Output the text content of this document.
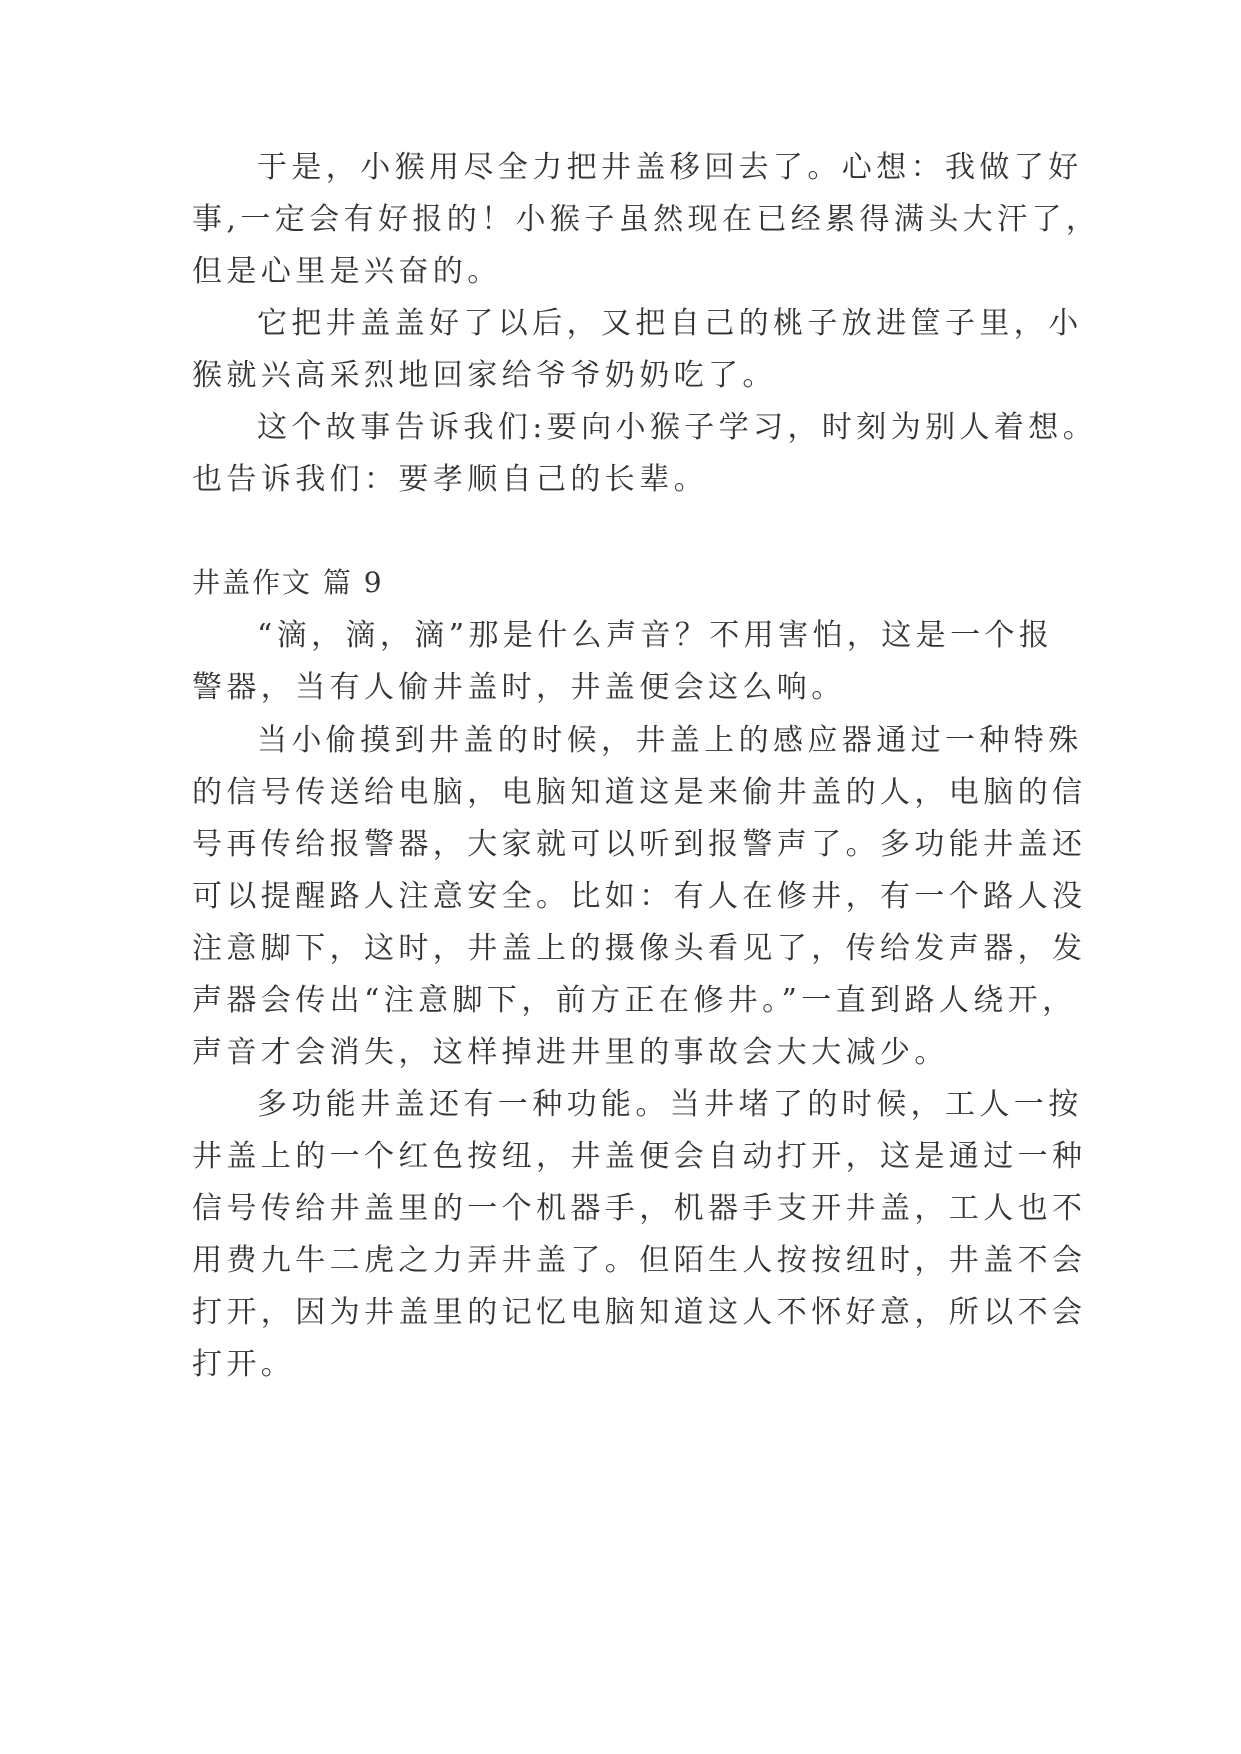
于是，小猴用尽全力把井盖移回去了。心想：我做了好

事,一定会有好报的！小猴子虽然现在已经累得满头大汗了，

但是心里是兴奋的。

它把井盖盖好了以后，又把自己的桃子放进筐子里，小

猴就兴高采烈地回家给爷爷奶奶吃了。

这个故事告诉我们:要向小猴子学习，时刻为别人着想。

也告诉我们：要孝顺自己的长辈。

井盖作文 篇 9

“滴，滴，滴”那是什么声音？不用害怕，这是一个报

警器，当有人偷井盖时，井盖便会这么响。

当小偷摸到井盖的时候，井盖上的感应器通过一种特殊

的信号传送给电脑，电脑知道这是来偷井盖的人，电脑的信

号再传给报警器，大家就可以听到报警声了。多功能井盖还

可以提醒路人注意安全。比如：有人在修井，有一个路人没

注意脚下，这时，井盖上的摄像头看见了，传给发声器，发

声器会传出“注意脚下，前方正在修井。”一直到路人绕开，

声音才会消失，这样掉进井里的事故会大大减少。

多功能井盖还有一种功能。当井堵了的时候，工人一按

井盖上的一个红色按纽，井盖便会自动打开，这是通过一种

信号传给井盖里的一个机器手，机器手支开井盖，工人也不

用费九牛二虎之力弄井盖了。但陌生人按按纽时，井盖不会

打开，因为井盖里的记忆电脑知道这人不怀好意，所以不会

打开。
